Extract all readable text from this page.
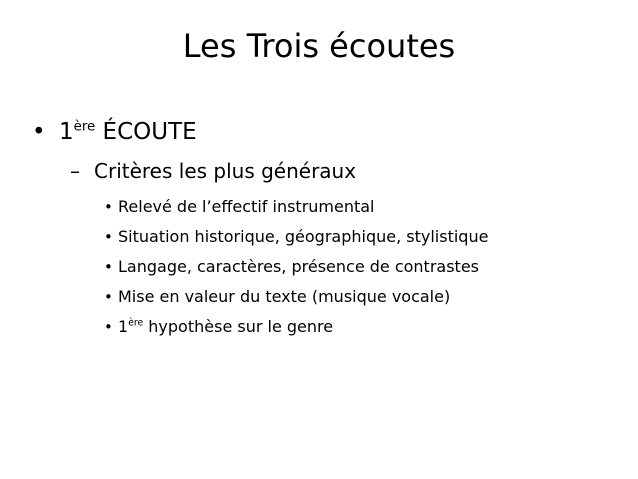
Les Trois écoutes
• 1ère ÉCOUTE
– Critères les plus généraux
• Relevé de l’effectif instrumental
• Situation historique, géographique, stylistique
• Langage, caractères, présence de contrastes
• Mise en valeur du texte (musique vocale)
• 1ère hypothèse sur le genre
